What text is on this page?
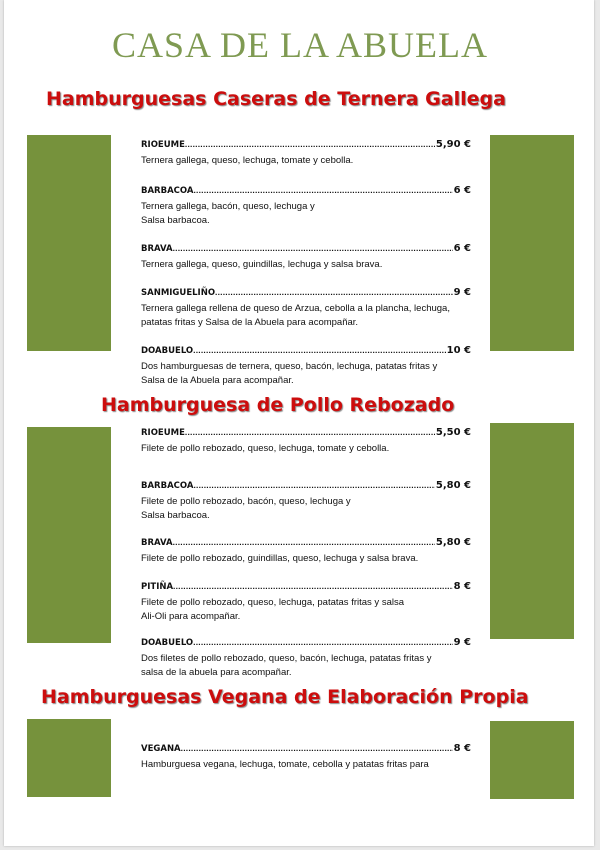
CASA DE LA ABUELA
Hamburguesas Caseras de Ternera Gallega
RIOEUME .....	5,90 €
Ternera gallega, queso, lechuga, tomate y cebolla.
BARBACOA .....	6 €
Ternera gallega, bacón, queso, lechuga y
Salsa barbacoa.
BRAVA .....	6 €
Ternera gallega, queso, guindillas, lechuga y salsa brava.
SANMIGUELIÑO .....	9 €
Ternera gallega rellena de queso de Arzua, cebolla a la plancha, lechuga,
patatas fritas y Salsa de la Abuela para acompañar.
DOABUELO .....	10 €
Dos hamburguesas de ternera, queso, bacón, lechuga, patatas fritas y
Salsa de la Abuela para acompañar.
Hamburguesa de Pollo Rebozado
RIOEUME .....	5,50 €
Filete de pollo rebozado, queso, lechuga, tomate y cebolla.
BARBACOA .....	5,80 €
Filete de pollo rebozado, bacón, queso, lechuga y
Salsa barbacoa.
BRAVA .....	5,80 €
Filete de pollo rebozado, guindillas, queso, lechuga y salsa brava.
PITIÑA .....	8 €
Filete de pollo rebozado, queso, lechuga, patatas fritas y salsa
Ali-Oli para acompañar.
DOABUELO .....	9 €
Dos filetes de pollo rebozado, queso, bacón, lechuga, patatas fritas y
salsa de la abuela para acompañar.
Hamburguesas Vegana de Elaboración Propia
VEGANA .....	8 €
Hamburguesa vegana, lechuga, tomate, cebolla y patatas fritas para
